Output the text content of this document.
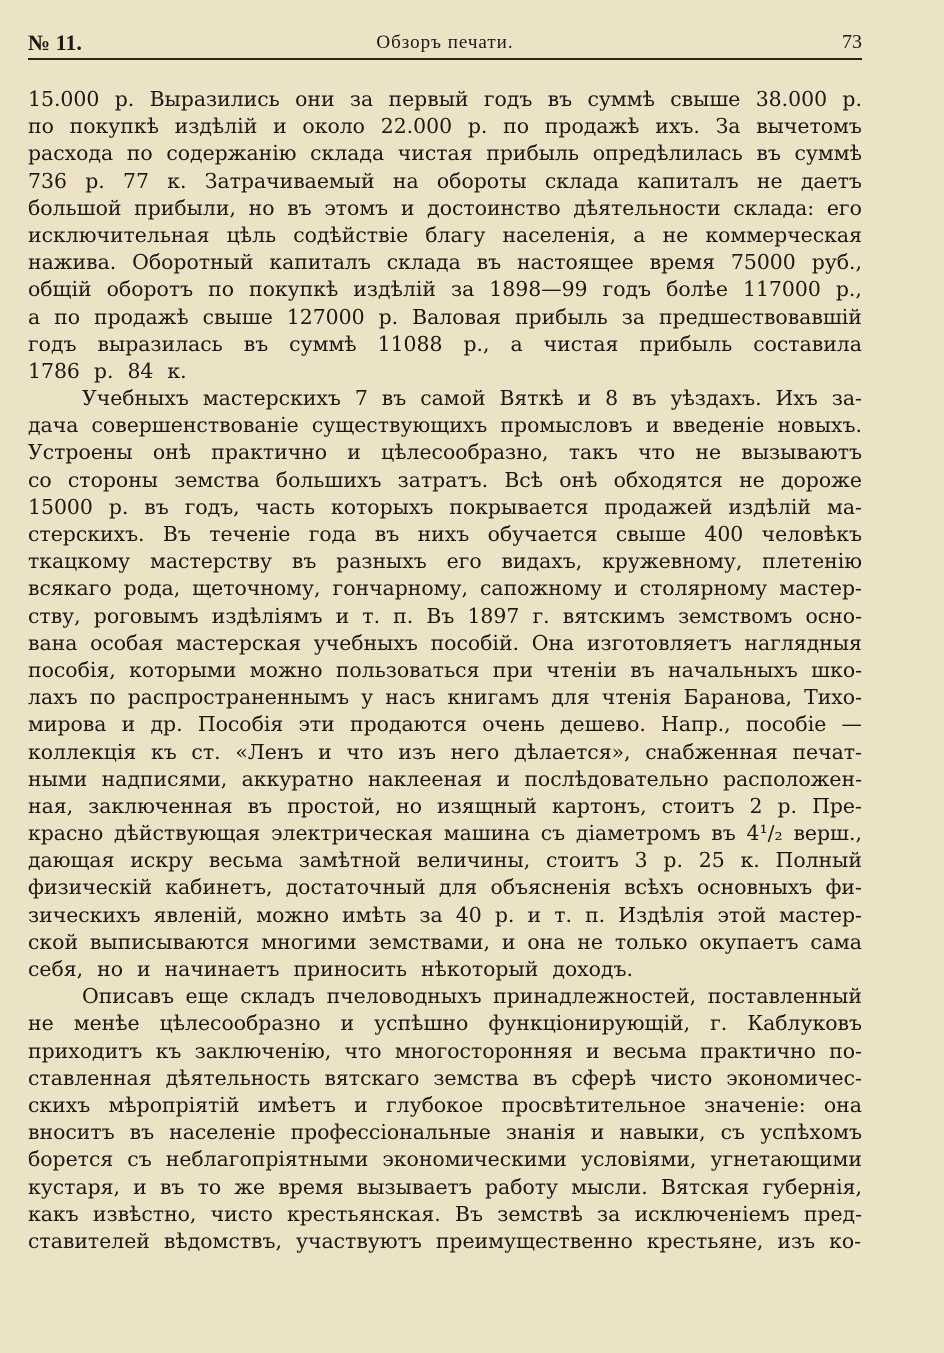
№ 11.	Обзоръ печати.	73
15.000 р. Выразились они за первый годъ въ суммѣ свыше 38.000 р.
по покупкѣ издѣлій и около 22.000 р. по продажѣ ихъ. За вычетомъ
расхода по содержанію склада чистая прибыль опредѣлилась въ суммѣ
736 р. 77 к. Затрачиваемый на обороты склада капиталъ не даетъ
большой прибыли, но въ этомъ и достоинство дѣятельности склада: его
исключительная цѣль содѣйствіе благу населенія, а не коммерческая
нажива. Оборотный капиталъ склада въ настоящее время 75000 руб.,
общій оборотъ по покупкѣ издѣлій за 1898—99 годъ болѣе 117000 р.,
а по продажѣ свыше 127000 р. Валовая прибыль за предшествовавшій
годъ выразилась въ суммѣ 11088 р., а чистая прибыль составила
1786 р. 84 к.
Учебныхъ мастерскихъ 7 въ самой Вяткѣ и 8 въ уѣздахъ. Ихъ за-
дача совершенствованіе существующихъ промысловъ и введеніе новыхъ.
Устроены онѣ практично и цѣлесообразно, такъ что не вызываютъ
со стороны земства большихъ затратъ. Всѣ онѣ обходятся не дороже
15000 р. въ годъ, часть которыхъ покрывается продажей издѣлій ма-
стерскихъ. Въ теченіе года въ нихъ обучается свыше 400 человѣкъ
ткацкому мастерству въ разныхъ его видахъ, кружевному, плетенію
всякаго рода, щеточному, гончарному, сапожному и столярному мастер-
ству, роговымъ издѣліямъ и т. п. Въ 1897 г. вятскимъ земствомъ осно-
вана особая мастерская учебныхъ пособій. Она изготовляетъ наглядныя
пособія, которыми можно пользоваться при чтеніи въ начальныхъ шко-
лахъ по распространеннымъ у насъ книгамъ для чтенія Баранова, Тихо-
мирова и др. Пособія эти продаются очень дешево. Напр., пособіе —
коллекція къ ст. «Ленъ и что изъ него дѣлается», снабженная печат-
ными надписями, аккуратно наклееная и послѣдовательно расположен-
ная, заключенная въ простой, но изящный картонъ, стоитъ 2 р. Пре-
красно дѣйствующая электрическая машина съ діаметромъ въ 4¹/₂ верш.,
дающая искру весьма замѣтной величины, стоитъ 3 р. 25 к. Полный
физическій кабинетъ, достаточный для объясненія всѣхъ основныхъ фи-
зическихъ явленій, можно имѣть за 40 р. и т. п. Издѣлія этой мастер-
ской выписываются многими земствами, и она не только окупаетъ сама
себя, но и начинаетъ приносить нѣкоторый доходъ.
Описавъ еще складъ пчеловодныхъ принадлежностей, поставленный
не менѣе цѣлесообразно и успѣшно функціонирующій, г. Каблуковъ
приходитъ къ заключенію, что многосторонняя и весьма практично по-
ставленная дѣятельность вятскаго земства въ сферѣ чисто экономичес-
скихъ мѣропріятій имѣетъ и глубокое просвѣтительное значеніе: она
вноситъ въ населеніе профессіональные знанія и навыки, съ успѣхомъ
борется съ неблагопріятными экономическими условіями, угнетающими
кустаря, и въ то же время вызываетъ работу мысли. Вятская губернія,
какъ извѣстно, чисто крестьянская. Въ земствѣ за исключеніемъ пред-
ставителей вѣдомствъ, участвуютъ преимущественно крестьяне, изъ ко-
